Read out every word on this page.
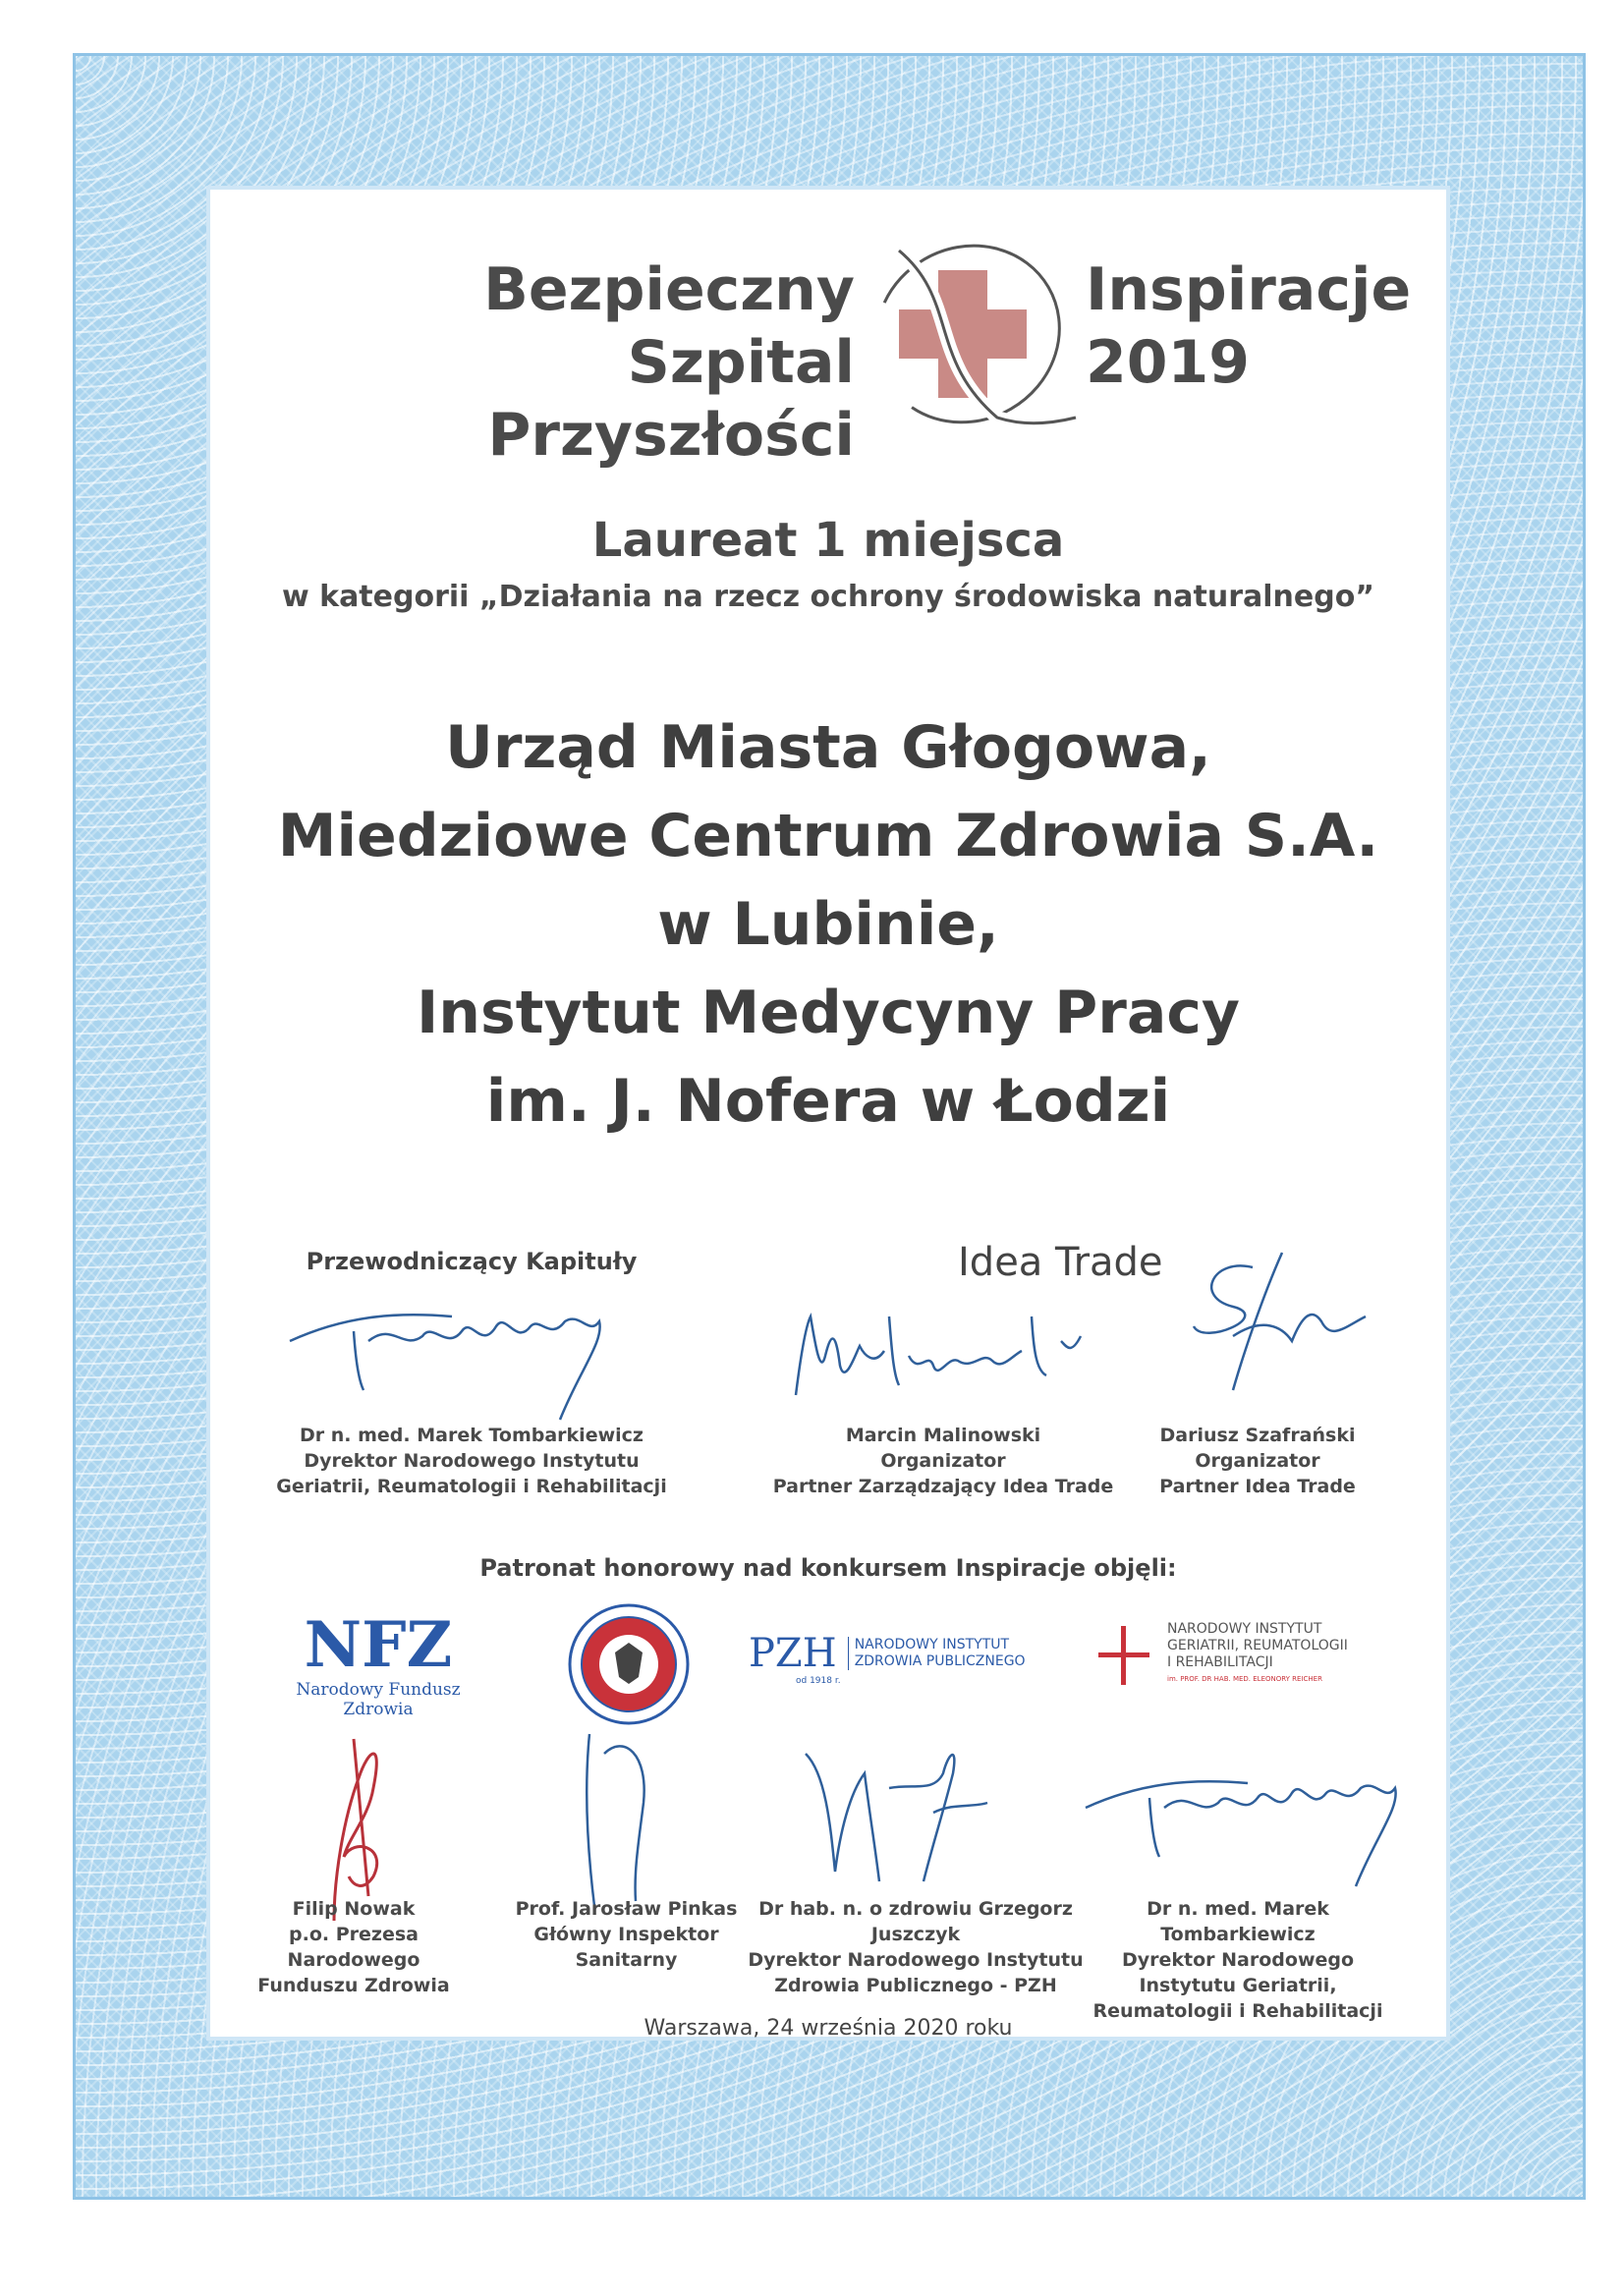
Bezpieczny Szpital
Przyszłości
Inspiracje
2019
Laureat 1 miejsca
w kategorii „Działania na rzecz ochrony środowiska naturalnego”
Urząd Miasta Głogowa,
Miedziowe Centrum Zdrowia S.A.
w Lubinie,
Instytut Medycyny Pracy
im. J. Nofera w Łodzi
Przewodniczący Kapituły	Idea Trade
Dr n. med. Marek Tombarkiewicz
Dyrektor Narodowego Instytutu
Geriatrii, Reumatologii i Rehabilitacji
Marcin Malinowski
Organizator
Partner Zarządzający Idea Trade
Dariusz Szafrański
Organizator
Partner Idea Trade
Patronat honorowy nad konkursem Inspiracje objęli:
NFZ
Narodowy Fundusz Zdrowia
PZH NARODOWY INSTYTUT
ZDROWIA PUBLICZNEGO
od 1918 r.
NARODOWY INSTYTUT
GERIATRII, REUMATOLOGII
I REHABILITACJI
im. PROF. DR HAB. MED. ELEONORY REICHER
Filip Nowak
p.o. Prezesa Narodowego
Funduszu Zdrowia
Prof. Jarosław Pinkas
Główny Inspektor
Sanitarny
Dr hab. n. o zdrowiu Grzegorz Juszczyk
Dyrektor Narodowego Instytutu
Zdrowia Publicznego - PZH
Dr n. med. Marek Tombarkiewicz
Dyrektor Narodowego
Instytutu Geriatrii,
Reumatologii i Rehabilitacji
Warszawa, 24 września 2020 roku
